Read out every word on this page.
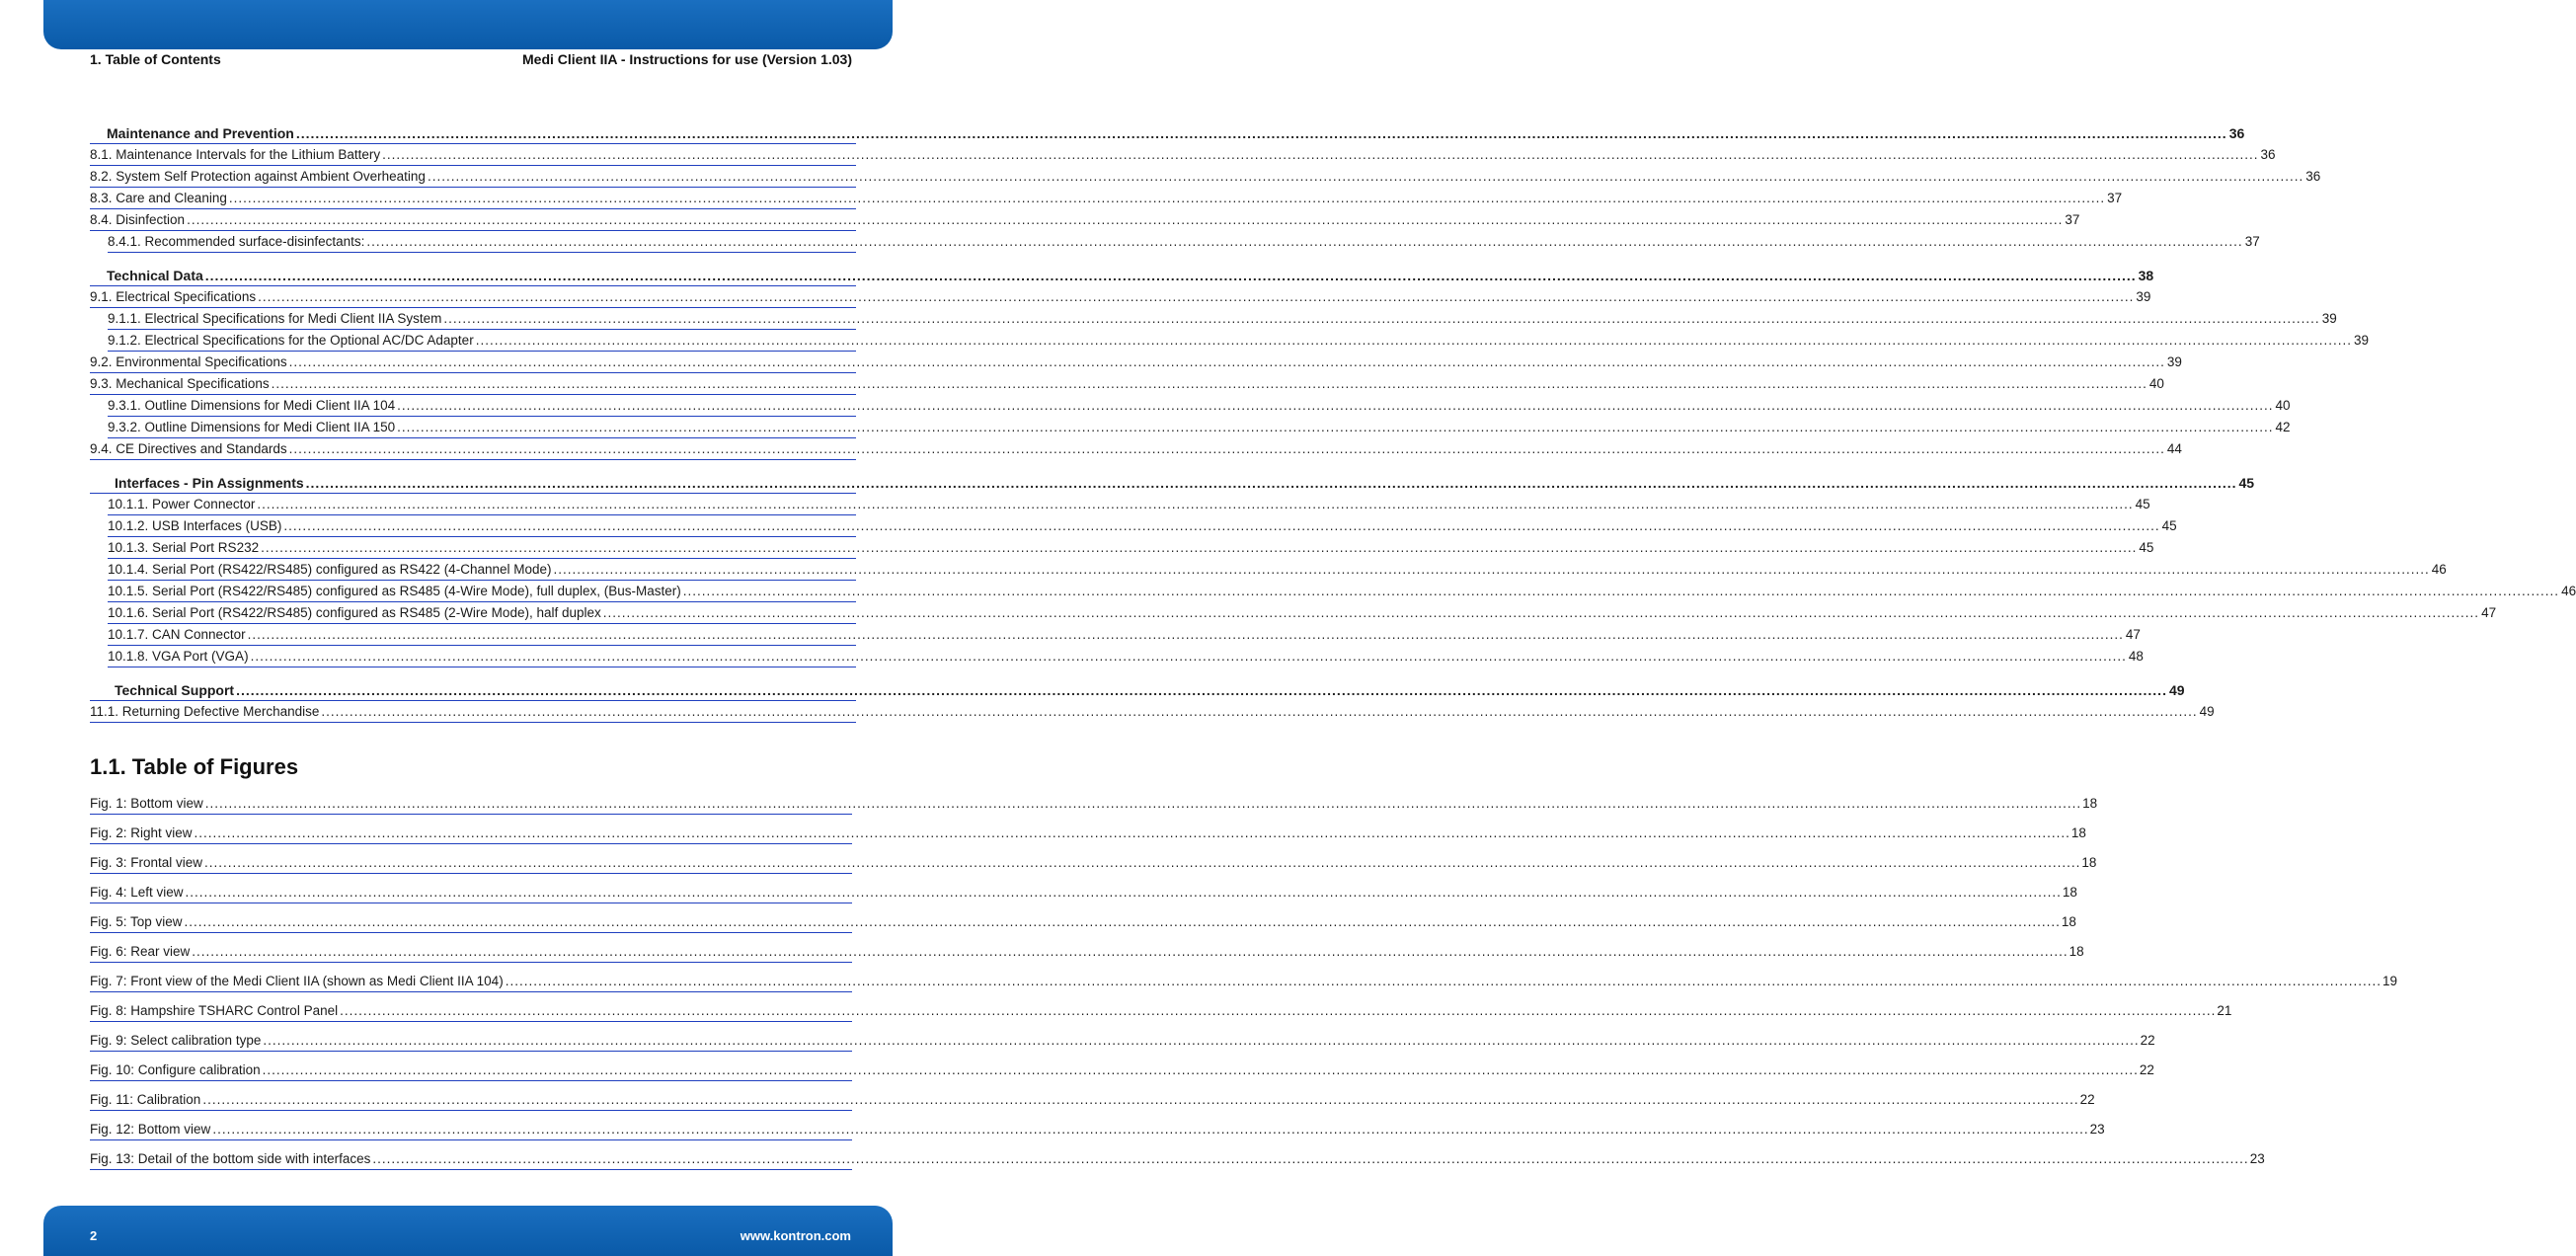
1. Table of Contents	Medi Client IIA - Instructions for use (Version 1.03)
Maintenance and Prevention ................................................................................................................................................................................................................................................................................................................................................................................................................ 36
8.1. Maintenance Intervals for the Lithium Battery ................................................................................................................................................................................................................................................................................................................................................................................................................ 36
8.2. System Self Protection against Ambient Overheating ................................................................................................................................................................................................................................................................................................................................................................................................................ 36
8.3. Care and Cleaning ................................................................................................................................................................................................................................................................................................................................................................................................................ 37
8.4. Disinfection ................................................................................................................................................................................................................................................................................................................................................................................................................ 37
8.4.1. Recommended surface-disinfectants: ................................................................................................................................................................................................................................................................................................................................................................................................................ 37
Technical Data ................................................................................................................................................................................................................................................................................................................................................................................................................ 38
9.1. Electrical Specifications ................................................................................................................................................................................................................................................................................................................................................................................................................ 39
9.1.1. Electrical Specifications for Medi Client IIA System ................................................................................................................................................................................................................................................................................................................................................................................................................ 39
9.1.2. Electrical Specifications for the Optional AC/DC Adapter ................................................................................................................................................................................................................................................................................................................................................................................................................ 39
9.2. Environmental Specifications ................................................................................................................................................................................................................................................................................................................................................................................................................ 39
9.3. Mechanical Specifications ................................................................................................................................................................................................................................................................................................................................................................................................................ 40
9.3.1. Outline Dimensions for Medi Client IIA 104 ................................................................................................................................................................................................................................................................................................................................................................................................................ 40
9.3.2. Outline Dimensions for Medi Client IIA 150 ................................................................................................................................................................................................................................................................................................................................................................................................................ 42
9.4. CE Directives and Standards ................................................................................................................................................................................................................................................................................................................................................................................................................ 44
Interfaces - Pin Assignments ................................................................................................................................................................................................................................................................................................................................................................................................................ 45
10.1.1. Power Connector ................................................................................................................................................................................................................................................................................................................................................................................................................ 45
10.1.2. USB Interfaces (USB) ................................................................................................................................................................................................................................................................................................................................................................................................................ 45
10.1.3. Serial Port RS232 ................................................................................................................................................................................................................................................................................................................................................................................................................ 45
10.1.4. Serial Port (RS422/RS485) configured as RS422 (4-Channel Mode) ................................................................................................................................................................................................................................................................................................................................................................................................................ 46
10.1.5. Serial Port (RS422/RS485) configured as RS485 (4-Wire Mode), full duplex, (Bus-Master) ................................................................................................................................................................................................................................................................................................................................................................................................................ 46
10.1.6. Serial Port (RS422/RS485) configured as RS485 (2-Wire Mode), half duplex ................................................................................................................................................................................................................................................................................................................................................................................................................ 47
10.1.7. CAN Connector ................................................................................................................................................................................................................................................................................................................................................................................................................ 47
10.1.8. VGA Port (VGA) ................................................................................................................................................................................................................................................................................................................................................................................................................ 48
Technical Support ................................................................................................................................................................................................................................................................................................................................................................................................................ 49
11.1. Returning Defective Merchandise ................................................................................................................................................................................................................................................................................................................................................................................................................ 49
1.1. Table of Figures
Fig. 1: Bottom view ................................................................................................................................................................................................................................................................................................................................................................................................................ 18
Fig. 2: Right view ................................................................................................................................................................................................................................................................................................................................................................................................................ 18
Fig. 3: Frontal view ................................................................................................................................................................................................................................................................................................................................................................................................................ 18
Fig. 4: Left view ................................................................................................................................................................................................................................................................................................................................................................................................................ 18
Fig. 5: Top view ................................................................................................................................................................................................................................................................................................................................................................................................................ 18
Fig. 6: Rear view ................................................................................................................................................................................................................................................................................................................................................................................................................ 18
Fig. 7: Front view of the Medi Client IIA (shown as Medi Client IIA 104) ................................................................................................................................................................................................................................................................................................................................................................................................................ 19
Fig. 8: Hampshire TSHARC Control Panel ................................................................................................................................................................................................................................................................................................................................................................................................................ 21
Fig. 9: Select calibration type ................................................................................................................................................................................................................................................................................................................................................................................................................ 22
Fig. 10: Configure calibration ................................................................................................................................................................................................................................................................................................................................................................................................................ 22
Fig. 11: Calibration ................................................................................................................................................................................................................................................................................................................................................................................................................ 22
Fig. 12: Bottom view ................................................................................................................................................................................................................................................................................................................................................................................................................ 23
Fig. 13: Detail of the bottom side with interfaces ................................................................................................................................................................................................................................................................................................................................................................................................................ 23
2	www.kontron.com
